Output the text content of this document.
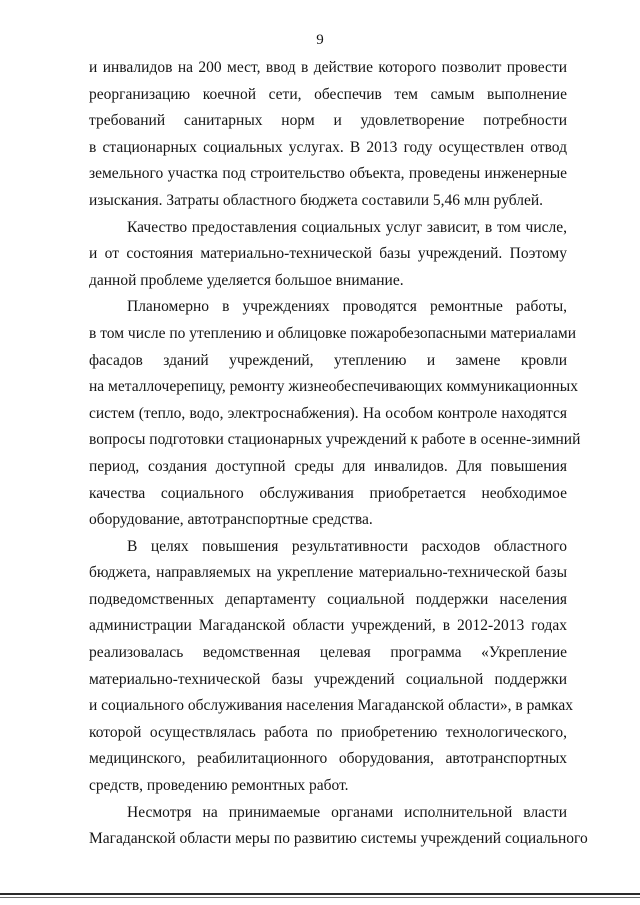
9

и инвалидов на 200 мест, ввод в действие которого позволит провести
реорганизацию коечной сети, обеспечив тем самым выполнение
требований санитарных норм и удовлетворение потребности
в стационарных социальных услугах. В 2013 году осуществлен отвод
земельного участка под строительство объекта, проведены инженерные
изыскания. Затраты областного бюджета составили 5,46 млн рублей.

Качество предоставления социальных услуг зависит, в том числе,
и от состояния материально-технической базы учреждений. Поэтому
данной проблеме уделяется большое внимание.

Планомерно в учреждениях проводятся ремонтные работы,
в том числе по утеплению и облицовке пожаробезопасными материалами
фасадов зданий учреждений, утеплению и замене кровли
на металлочерепицу, ремонту жизнеобеспечивающих коммуникационных
систем (тепло, водо, электроснабжения). На особом контроле находятся
вопросы подготовки стационарных учреждений к работе в осенне-зимний
период, создания доступной среды для инвалидов. Для повышения
качества социального обслуживания приобретается необходимое
оборудование, автотранспортные средства.

В целях повышения результативности расходов областного
бюджета, направляемых на укрепление материально-технической базы
подведомственных департаменту социальной поддержки населения
администрации Магаданской области учреждений, в 2012-2013 годах
реализовалась ведомственная целевая программа «Укрепление
материально-технической базы учреждений социальной поддержки
и социального обслуживания населения Магаданской области», в рамках
которой осуществлялась работа по приобретению технологического,
медицинского, реабилитационного оборудования, автотранспортных
средств, проведению ремонтных работ.

Несмотря на принимаемые органами исполнительной власти
Магаданской области меры по развитию системы учреждений социального
